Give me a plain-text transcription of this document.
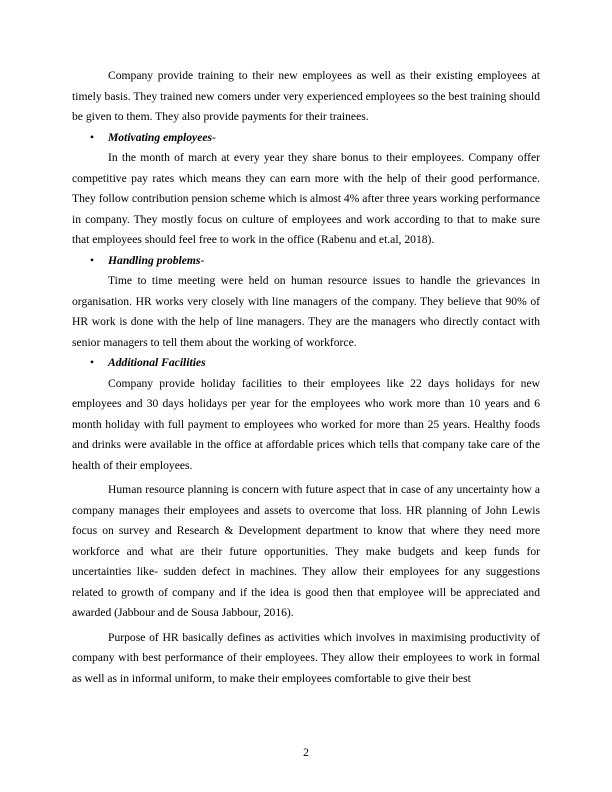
Company provide training to their new employees as well as their existing employees at timely basis. They trained new comers under very experienced employees so the best training should be given to them. They also provide payments for their trainees.

• Motivating employees-

In the month of march at every year they share bonus to their employees. Company offer competitive pay rates which means they can earn more with the help of their good performance. They follow contribution pension scheme which is almost 4% after three years working performance in company. They mostly focus on culture of employees and work according to that to make sure that employees should feel free to work in the office (Rabenu and et.al, 2018).

• Handling problems-

Time to time meeting were held on human resource issues to handle the grievances in organisation. HR works very closely with line managers of the company. They believe that 90% of HR work is done with the help of line managers. They are the managers who directly contact with senior managers to tell them about the working of workforce.

• Additional Facilities

Company provide holiday facilities to their employees like 22 days holidays for new employees and 30 days holidays per year for the employees who work more than 10 years and 6 month holiday with full payment to employees who worked for more than 25 years. Healthy foods and drinks were available in the office at affordable prices which tells that company take care of the health of their employees.

Human resource planning is concern with future aspect that in case of any uncertainty how a company manages their employees and assets to overcome that loss. HR planning of John Lewis focus on survey and Research & Development department to know that where they need more workforce and what are their future opportunities. They make budgets and keep funds for uncertainties like- sudden defect in machines. They allow their employees for any suggestions related to growth of company and if the idea is good then that employee will be appreciated and awarded (Jabbour and de Sousa Jabbour, 2016).

Purpose of HR basically defines as activities which involves in maximising productivity of company with best performance of their employees. They allow their employees to work in formal as well as in informal uniform, to make their employees comfortable to give their best

2
